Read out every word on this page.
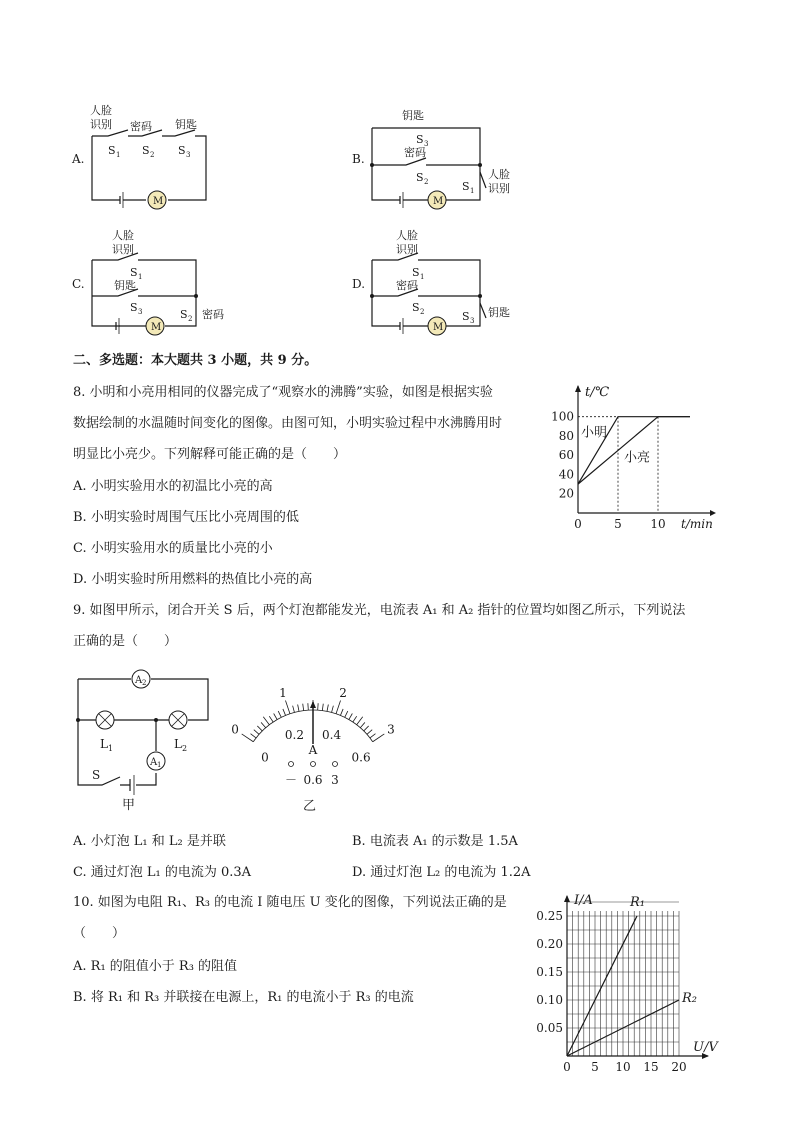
A.
M
人脸
识别 密码 钥匙
S 1 S 2 S 3	B.
M
钥匙
S 3
密码
S 2	S 1
人脸
识别
C.
M
人脸
识别
S 1
钥匙
S 3	S 2 密码
D.
M
人脸
识别
S 1
密码
S 2	S 3
钥匙
二、多选题：本大题共 3 小题，共 9 分。
8. 小明和小亮用相同的仪器完成了“观察水的沸腾”实验，如图是根据实验
数据绘制的水温随时间变化的图像。由图可知，小明实验过程中水沸腾用时
明显比小亮少。下列解释可能正确的是（　　）
A. 小明实验用水的初温比小亮的高
B. 小明实验时周围气压比小亮周围的低
C. 小明实验用水的质量比小亮的小
D. 小明实验时所用燃料的热值比小亮的高
t/℃
t/min
20
40
60
80
100
0	5 10
小明
小亮
9. 如图甲所示，闭合开关 S 后，两个灯泡都能发光，电流表 A₁ 和 A₂ 指针的位置均如图乙所示，下列说法
正确的是（　　）
A 2
A 1
L 1	L 2
S
甲	乙
0
1	2
3
0
0.2 0.4
0.6
A
－ 0.6 3
A. 小灯泡 L₁ 和 L₂ 是并联	B. 电流表 A₁ 的示数是 1.5A
C. 通过灯泡 L₁ 的电流为 0.3A	D. 通过灯泡 L₂ 的电流为 1.2A
10. 如图为电阻 R₁、R₃ 的电流 I 随电压 U 变化的图像，下列说法正确的是
（　　）
A. R₁ 的阻值小于 R₃ 的阻值
B. 将 R₁ 和 R₃ 并联接在电源上，R₁ 的电流小于 R₃ 的电流
I/A
U/V
0.05
0.10
0.15
0.20
0.25
0 5 10 15 20
R₁
R₂
